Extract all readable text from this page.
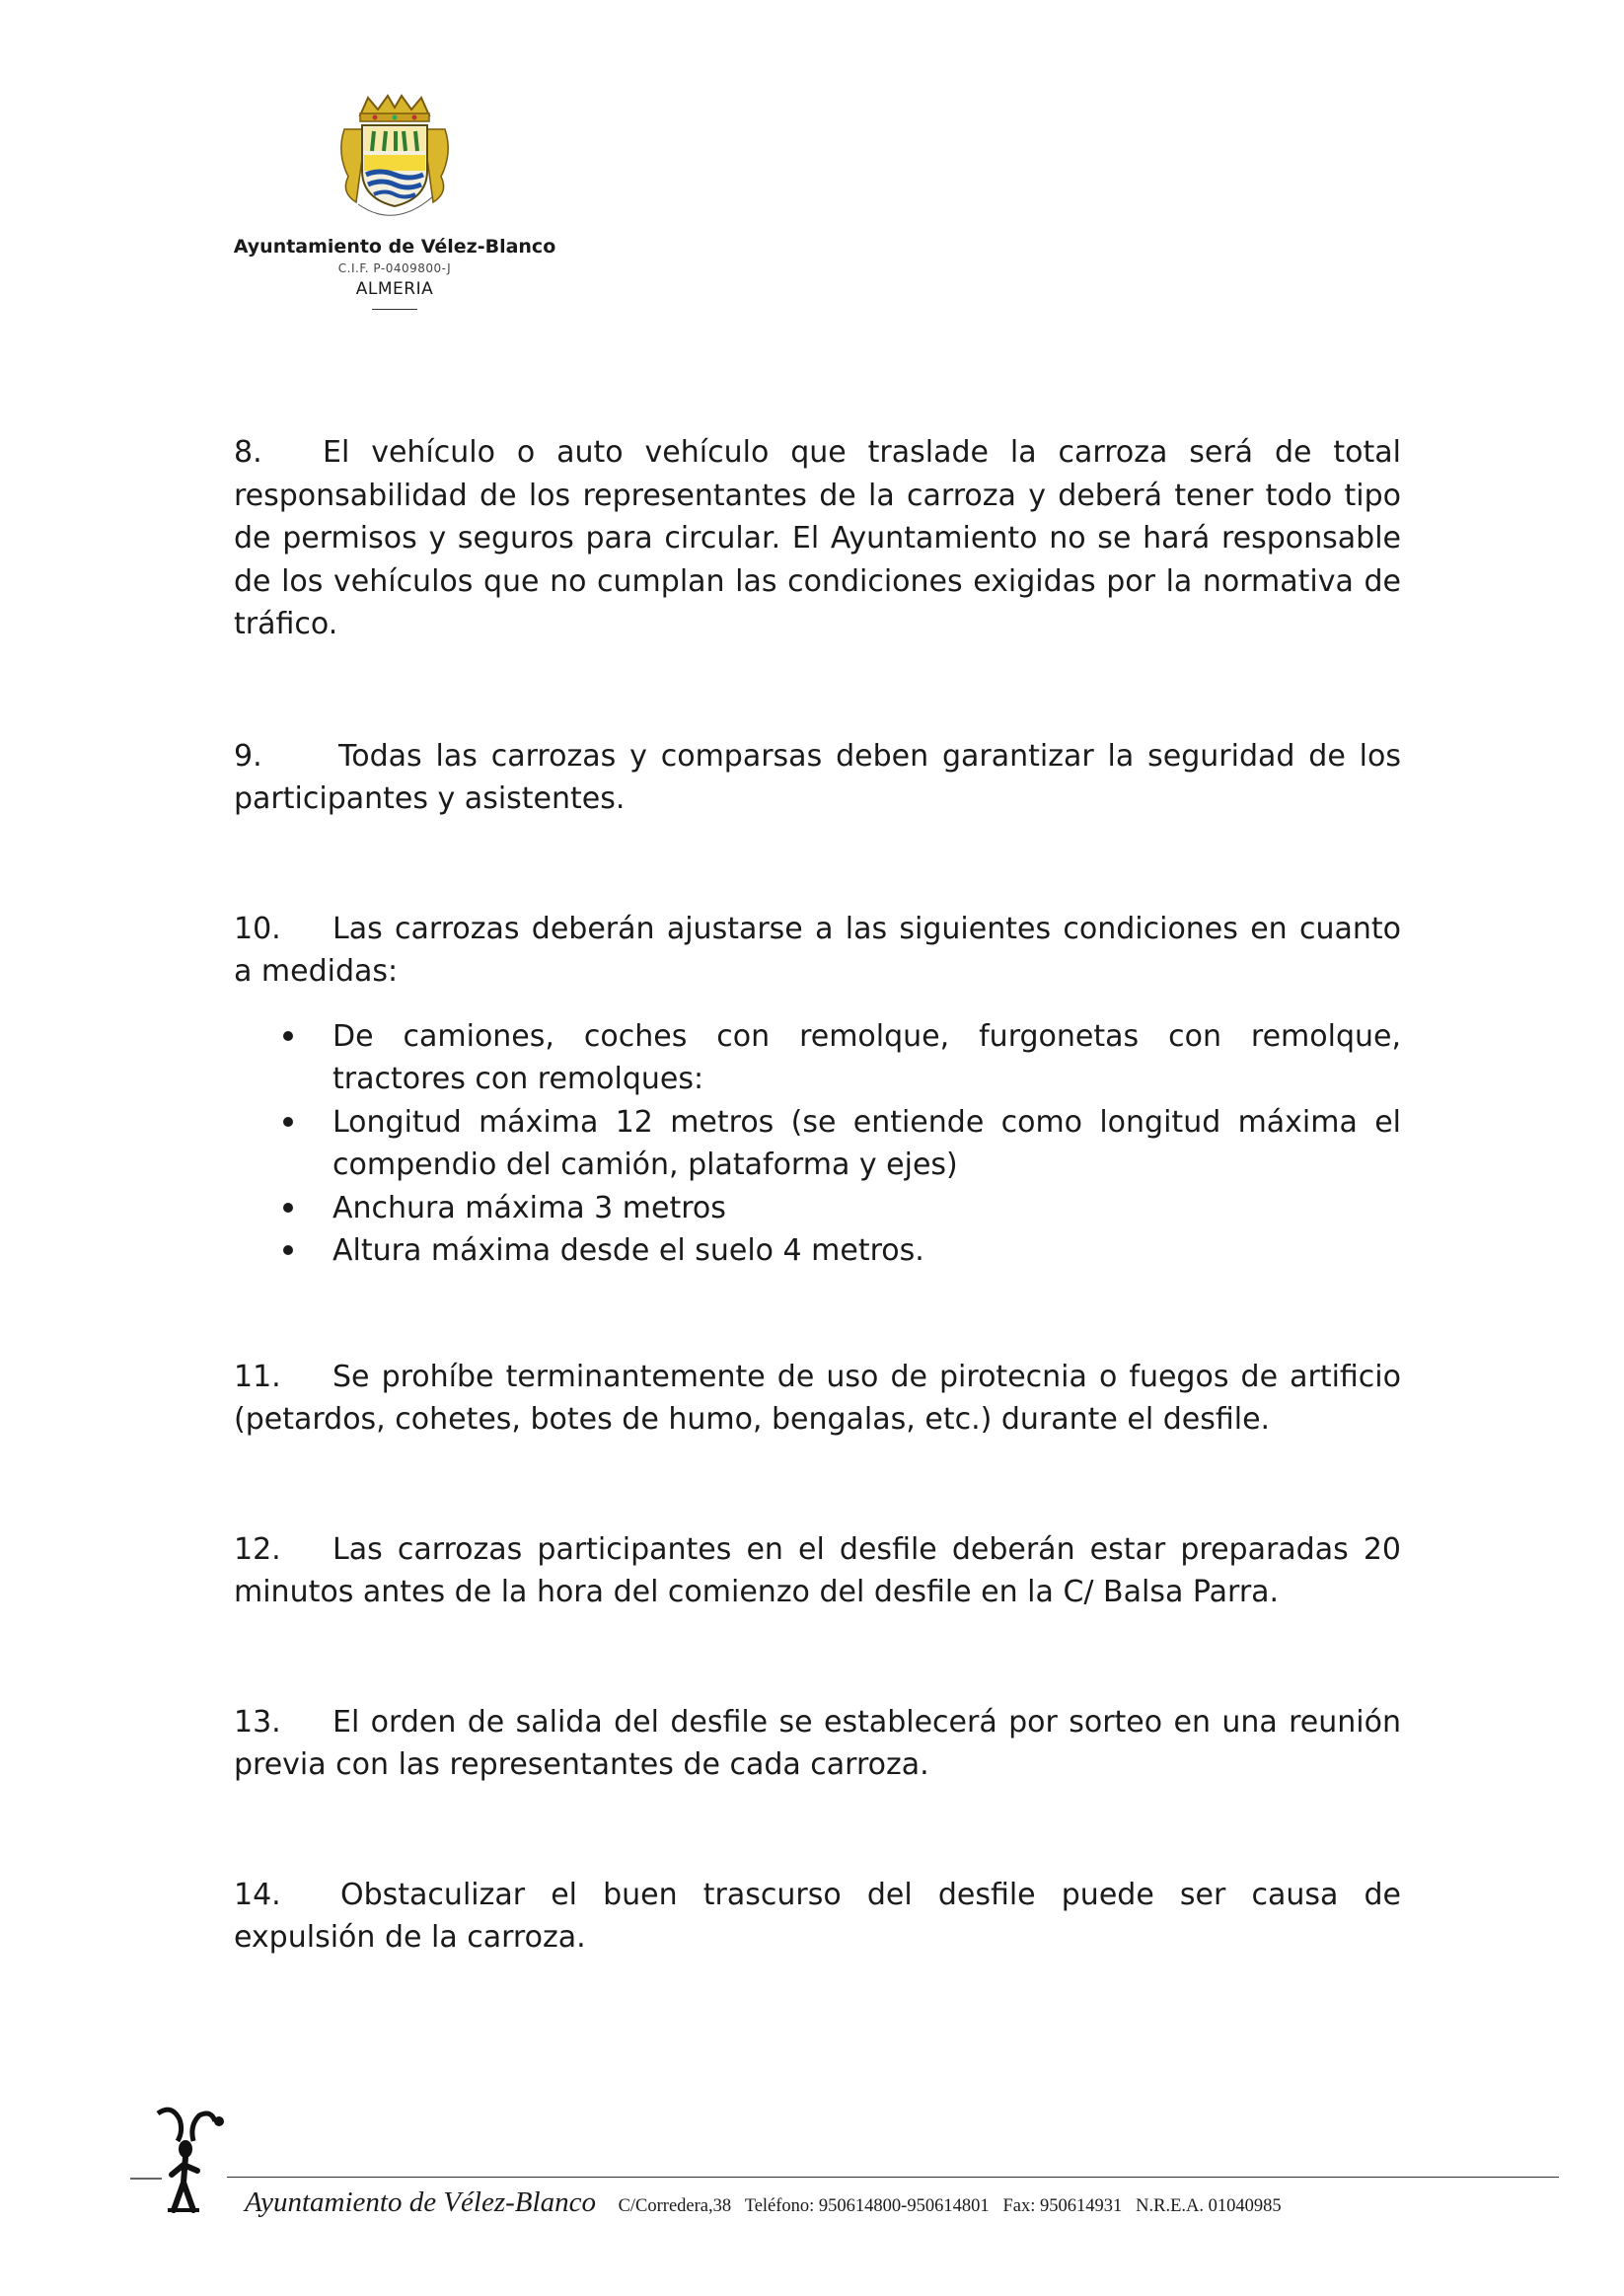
Ayuntamiento de Vélez-Blanco
C.I.F. P-0409800-J
ALMERIA

8. El vehículo o auto vehículo que traslade la carroza será de total responsabilidad de los representantes de la carroza y deberá tener todo tipo de permisos y seguros para circular. El Ayuntamiento no se hará responsable de los vehículos que no cumplan las condiciones exigidas por la normativa de tráfico.

9.	Todas las carrozas y comparsas deben garantizar la seguridad de los participantes y asistentes.

10. Las carrozas deberán ajustarse a las siguientes condiciones en cuanto a medidas:

De camiones, coches con remolque, furgonetas con remolque, tractores con remolques:
Longitud máxima 12 metros (se entiende como longitud máxima el compendio del camión, plataforma y ejes)
Anchura máxima 3 metros
Altura máxima desde el suelo 4 metros.

11. Se prohíbe terminantemente de uso de pirotecnia o fuegos de artificio (petardos, cohetes, botes de humo, bengalas, etc.) durante el desfile.

12. Las carrozas participantes en el desfile deberán estar preparadas 20 minutos antes de la hora del comienzo del desfile en la C/ Balsa Parra.

13. El orden de salida del desfile se establecerá por sorteo en una reunión previa con las representantes de cada carroza.

14. Obstaculizar el buen trascurso del desfile puede ser causa de expulsión de la carroza.

Ayuntamiento de Vélez-Blanco C/Corredera,38 Teléfono: 950614800-950614801 Fax: 950614931 N.R.E.A. 01040985
